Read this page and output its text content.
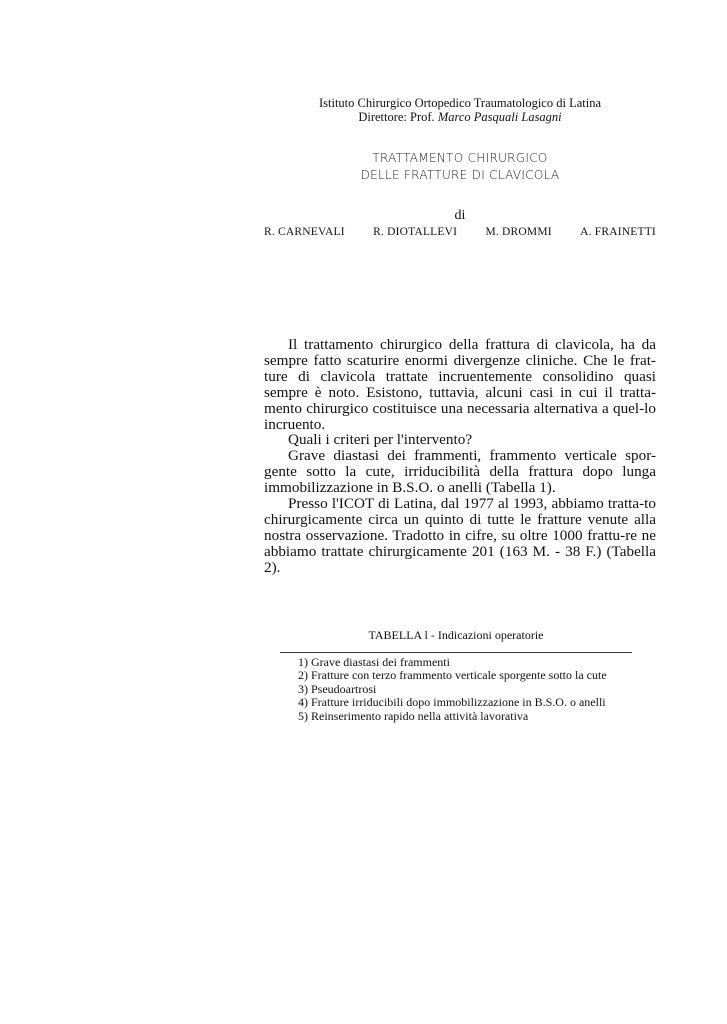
Istituto Chirurgico Ortopedico Traumatologico di Latina
Direttore: Prof. Marco Pasquali Lasagni
TRATTAMENTO CHIRURGICO
DELLE FRATTURE DI CLAVICOLA
di
R. CARNEVALI R. DIOTALLEVI M. DROMMI A. FRAINETTI

Il trattamento chirurgico della frattura di clavicola, ha da sempre fatto scaturire enormi divergenze cliniche. Che le frat-ture di clavicola trattate incruentemente consolidino quasi sempre è noto. Esistono, tuttavia, alcuni casi in cui il tratta-mento chirurgico costituisce una necessaria alternativa a quel-lo incruento.

Quali i criteri per l'intervento?

Grave diastasi dei frammenti, frammento verticale spor-gente sotto la cute, irriducibilità della frattura dopo lunga immobilizzazione in B.S.O. o anelli (Tabella 1).

Presso l'ICOT di Latina, dal 1977 al 1993, abbiamo tratta-to chirurgicamente circa un quinto di tutte le fratture venute alla nostra osservazione. Tradotto in cifre, su oltre 1000 frattu-re ne abbiamo trattate chirurgicamente 201 (163 M. - 38 F.) (Tabella 2).

TABELLA l - Indicazioni operatorie
1) Grave diastasi dei frammenti
2) Fratture con terzo frammento verticale sporgente sotto la cute
3) Pseudoartrosi
4) Fratture irriducibili dopo immobilizzazione in B.S.O. o anelli
5) Reinserimento rapido nella attività lavorativa
